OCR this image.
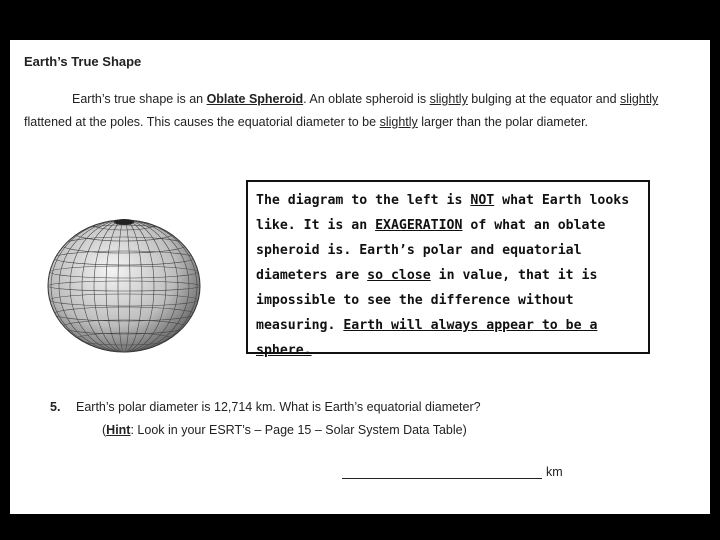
Earth’s True Shape
Earth’s true shape is an Oblate Spheroid. An oblate spheroid is slightly bulging at the equator and slightly flattened at the poles. This causes the equatorial diameter to be slightly larger than the polar diameter.
The diagram to the left is NOT what Earth looks like. It is an EXAGERATION of what an oblate spheroid is. Earth’s polar and equatorial diameters are so close in value, that it is impossible to see the difference without measuring. Earth will always appear to be a sphere.
5. Earth’s polar diameter is 12,714 km. What is Earth’s equatorial diameter?
(Hint: Look in your ESRT’s – Page 15 – Solar System Data Table)
km
